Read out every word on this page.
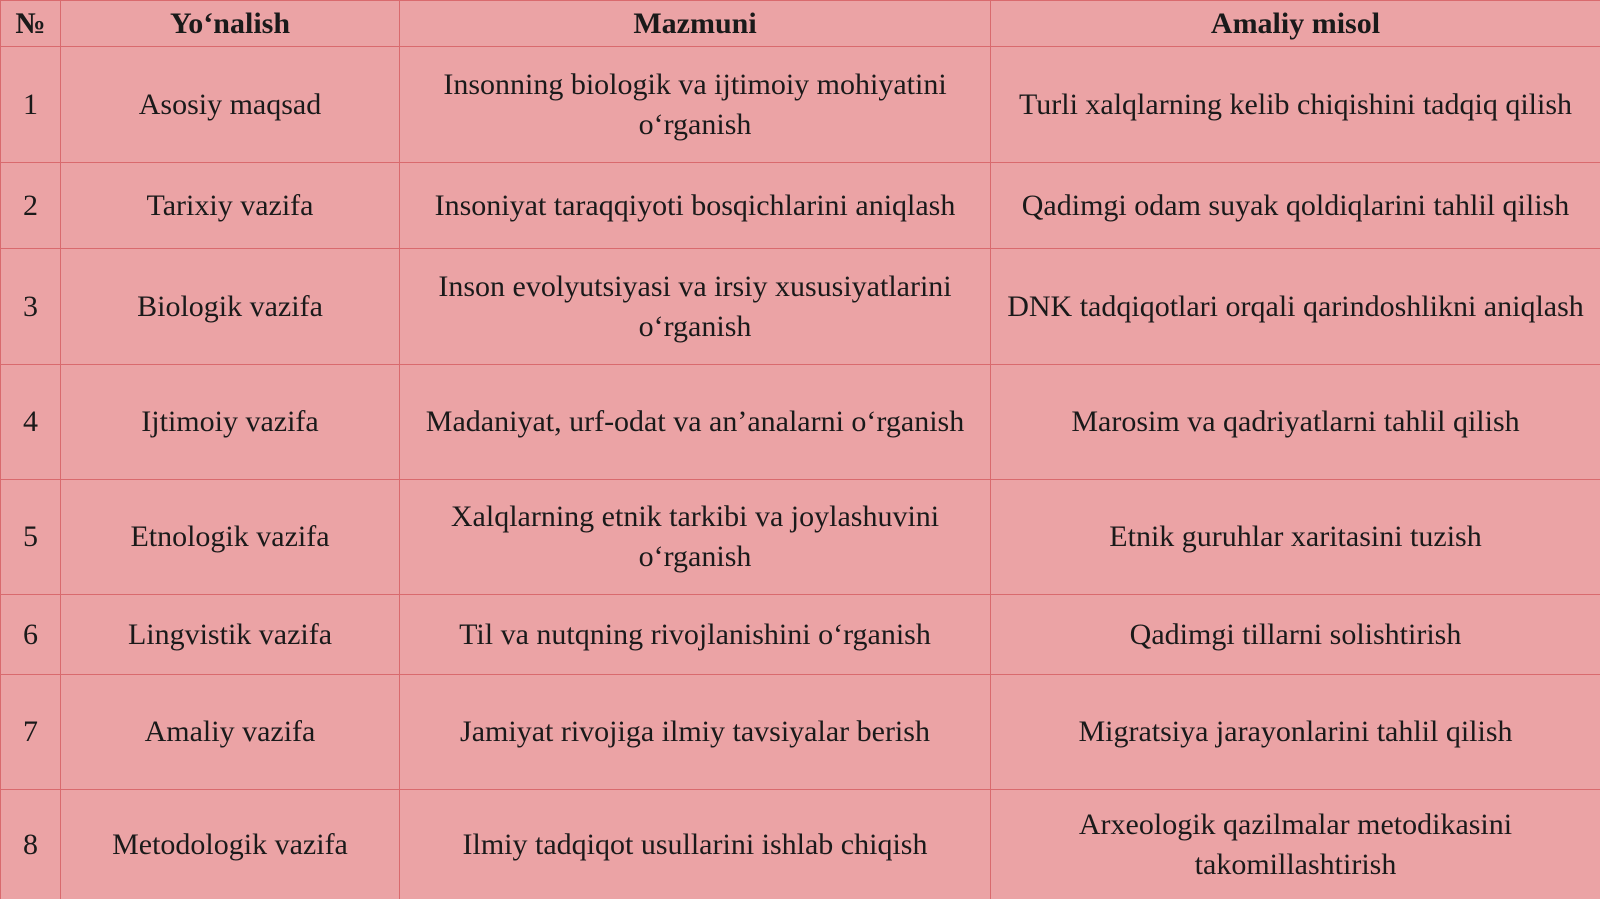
№	Yo‘nalish	Mazmuni	Amaliy misol
1	Asosiy maqsad	Insonning biologik va ijtimoiy mohiyatini o‘rganish	Turli xalqlarning kelib chiqishini tadqiq qilish
2	Tarixiy vazifa	Insoniyat taraqqiyoti bosqichlarini aniqlash	Qadimgi odam suyak qoldiqlarini tahlil qilish
3	Biologik vazifa	Inson evolyutsiyasi va irsiy xususiyatlarini o‘rganish	DNK tadqiqotlari orqali qarindoshlikni aniqlash
4	Ijtimoiy vazifa	Madaniyat, urf-odat va an’analarni o‘rganish	Marosim va qadriyatlarni tahlil qilish
5	Etnologik vazifa	Xalqlarning etnik tarkibi va joylashuvini o‘rganish	Etnik guruhlar xaritasini tuzish
6	Lingvistik vazifa	Til va nutqning rivojlanishini o‘rganish	Qadimgi tillarni solishtirish
7	Amaliy vazifa	Jamiyat rivojiga ilmiy tavsiyalar berish	Migratsiya jarayonlarini tahlil qilish
8	Metodologik vazifa	Ilmiy tadqiqot usullarini ishlab chiqish	Arxeologik qazilmalar metodikasini takomillashtirish
